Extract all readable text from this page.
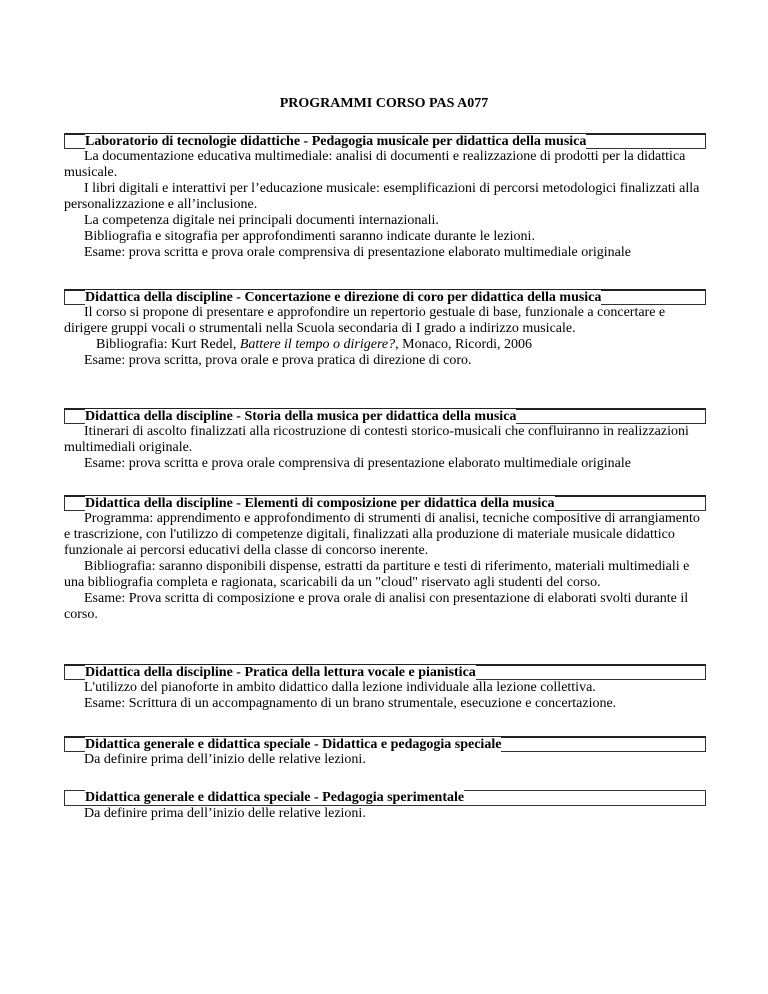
PROGRAMMI CORSO PAS A077
Laboratorio di tecnologie didattiche - Pedagogia musicale per didattica della musica

La documentazione educativa multimediale: analisi di documenti e realizzazione di prodotti per la didattica musicale.

I libri digitali e interattivi per l’educazione musicale: esemplificazioni di percorsi metodologici finalizzati alla personalizzazione e all’inclusione.

La competenza digitale nei principali documenti internazionali.

Bibliografia e sitografia per approfondimenti saranno indicate durante le lezioni.

Esame: prova scritta e prova orale comprensiva di presentazione elaborato multimediale originale

Didattica della discipline - Concertazione e direzione di coro per didattica della musica

Il corso si propone di presentare e approfondire un repertorio gestuale di base, funzionale a concertare e dirigere gruppi vocali o strumentali nella Scuola secondaria di I grado a indirizzo musicale.

Bibliografia: Kurt Redel, Battere il tempo o dirigere?, Monaco, Ricordi, 2006

Esame: prova scritta, prova orale e prova pratica di direzione di coro.

Didattica della discipline - Storia della musica per didattica della musica

Itinerari di ascolto finalizzati alla ricostruzione di contesti storico-musicali che confluiranno in realizzazioni multimediali originale.

Esame: prova scritta e prova orale comprensiva di presentazione elaborato multimediale originale

Didattica della discipline - Elementi di composizione per didattica della musica

Programma: apprendimento e approfondimento di strumenti di analisi, tecniche compositive di arrangiamento e trascrizione, con l'utilizzo di competenze digitali, finalizzati alla produzione di materiale musicale didattico funzionale ai percorsi educativi della classe di concorso inerente.

Bibliografia: saranno disponibili dispense, estratti da partiture e testi di riferimento, materiali multimediali e una bibliografia completa e ragionata, scaricabili da un "cloud" riservato agli studenti del corso.

Esame: Prova scritta di composizione e prova orale di analisi con presentazione di elaborati svolti durante il corso.

Didattica della discipline - Pratica della lettura vocale e pianistica

L'utilizzo del pianoforte in ambito didattico dalla lezione individuale alla lezione collettiva.

Esame: Scrittura di un accompagnamento di un brano strumentale, esecuzione e concertazione.

Didattica generale e didattica speciale - Didattica e pedagogia speciale

Da definire prima dell’inizio delle relative lezioni.

Didattica generale e didattica speciale - Pedagogia sperimentale

Da definire prima dell’inizio delle relative lezioni.
